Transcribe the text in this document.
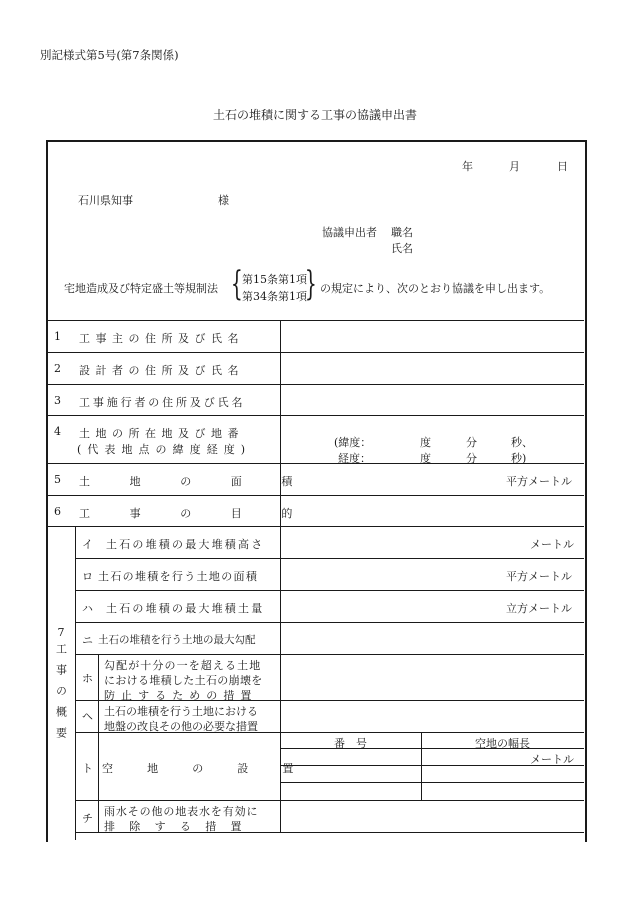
別記様式第5号(第7条関係)
土石の堆積に関する工事の協議申出書
年	月	日
石川県知事	様
協議申出者 職名
氏名
宅地造成及び特定盛土等規制法 { 第15条第1項
第34条第1項
} の規定により、次のとおり協議を申し出ます。
1 工事主の住所及び氏名
2 設計者の住所及び氏名
3 工事施行者の住所及び氏名
4 土地の所在地及び地番
(代表地点の緯度経度)
(緯度：	度	分	秒、
経度：	度	分	秒)
5 土地の面積	平方メートル
6 工事の目的
7
工事の概要
イ 土石の堆積の最大堆積高さ	メートル
ロ 土石の堆積を行う土地の面積	平方メートル
ハ 土石の堆積の最大堆積土量	立方メートル
ニ 土石の堆積を行う土地の最大勾配
ホ
勾配が十分の一を超える土地
における堆積した土石の崩壊を
防止するための措置
ヘ 土石の堆積を行う土地における
地盤の改良その他の必要な措置
ト 空地の設置
番　号	空地の幅長
メートル
チ
雨水その他の地表水を有効に
排除する措置
